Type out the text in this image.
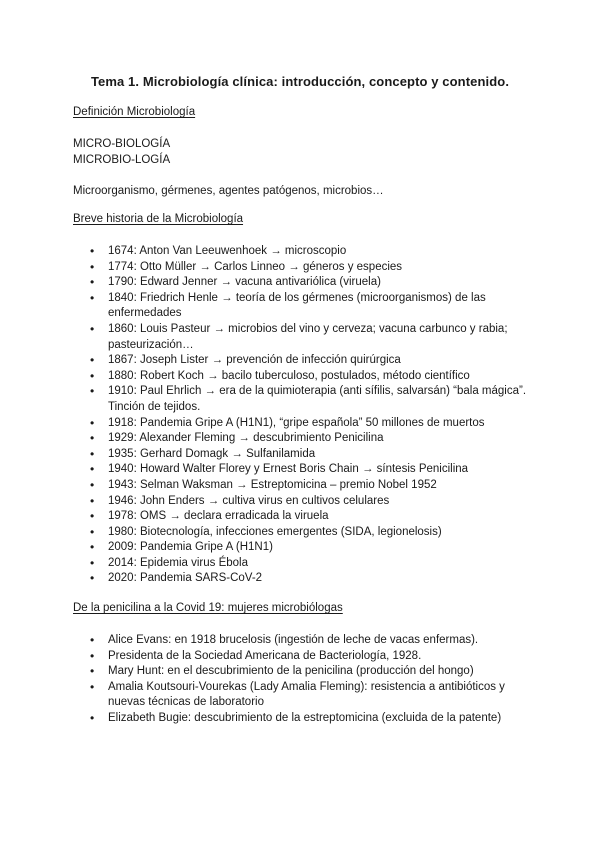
Tema 1. Microbiología clínica: introducción, concepto y contenido.
Definición Microbiología
MICRO-BIOLOGÍA
MICROBIO-LOGÍA
Microorganismo, gérmenes, agentes patógenos, microbios…
Breve historia de la Microbiología
• 1674: Anton Van Leeuwenhoek → microscopio
• 1774: Otto Müller → Carlos Linneo → géneros y especies
• 1790: Edward Jenner → vacuna antivariólica (viruela)
• 1840: Friedrich Henle → teoría de los gérmenes (microorganismos) de las enfermedades
• 1860: Louis Pasteur → microbios del vino y cerveza; vacuna carbunco y rabia; pasteurización…
• 1867: Joseph Lister → prevención de infección quirúrgica
• 1880: Robert Koch → bacilo tuberculoso, postulados, método científico
• 1910: Paul Ehrlich → era de la quimioterapia (anti sífilis, salvarsán) “bala mágica”. Tinción de tejidos.
• 1918: Pandemia Gripe A (H1N1), “gripe española” 50 millones de muertos
• 1929: Alexander Fleming → descubrimiento Penicilina
• 1935: Gerhard Domagk → Sulfanilamida
• 1940: Howard Walter Florey y Ernest Boris Chain → síntesis Penicilina
• 1943: Selman Waksman → Estreptomicina – premio Nobel 1952
• 1946: John Enders → cultiva virus en cultivos celulares
• 1978: OMS → declara erradicada la viruela
• 1980: Biotecnología, infecciones emergentes (SIDA, legionelosis)
• 2009: Pandemia Gripe A (H1N1)
• 2014: Epidemia virus Ébola
• 2020: Pandemia SARS-CoV-2
De la penicilina a la Covid 19: mujeres microbiólogas
• Alice Evans: en 1918 brucelosis (ingestión de leche de vacas enfermas).
• Presidenta de la Sociedad Americana de Bacteriología, 1928.
• Mary Hunt: en el descubrimiento de la penicilina (producción del hongo)
• Amalia Koutsouri-Vourekas (Lady Amalia Fleming): resistencia a antibióticos y nuevas técnicas de laboratorio
• Elizabeth Bugie: descubrimiento de la estreptomicina (excluida de la patente)
